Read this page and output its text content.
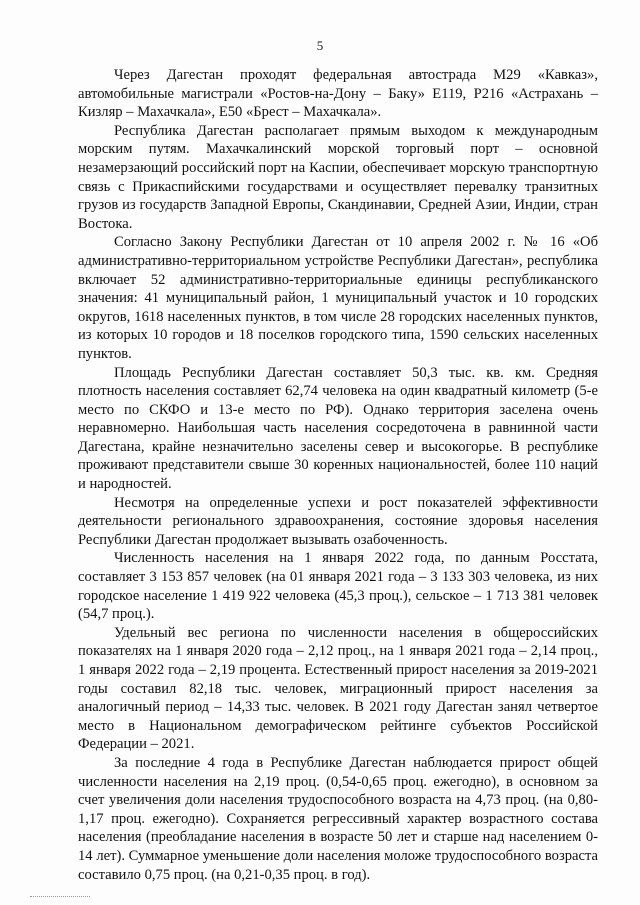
5

Через Дагестан проходят федеральная автострада М29 «Кавказ», автомобильные магистрали «Ростов-на-Дону – Баку» Е119, Р216 «Астрахань – Кизляр – Махачкала», Е50 «Брест – Махачкала».

Республика Дагестан располагает прямым выходом к международным морским путям. Махачкалинский морской торговый порт – основной незамерзающий российский порт на Каспии, обеспечивает морскую транспортную связь с Прикаспийскими государствами и осуществляет перевалку транзитных грузов из государств Западной Европы, Скандинавии, Средней Азии, Индии, стран Востока.

Согласно Закону Республики Дагестан от 10 апреля 2002 г. № 16 «Об административно-территориальном устройстве Республики Дагестан», республика включает 52 административно-территориальные единицы республиканского значения: 41 муниципальный район, 1 муниципальный участок и 10 городских округов, 1618 населенных пунктов, в том числе 28 городских населенных пунктов, из которых 10 городов и 18 поселков городского типа, 1590 сельских населенных пунктов.

Площадь Республики Дагестан составляет 50,3 тыс. кв. км. Средняя плотность населения составляет 62,74 человека на один квадратный километр (5-е место по СКФО и 13-е место по РФ). Однако территория заселена очень неравномерно. Наибольшая часть населения сосредоточена в равнинной части Дагестана, крайне незначительно заселены север и высокогорье. В республике проживают представители свыше 30 коренных национальностей, более 110 наций и народностей.

Несмотря на определенные успехи и рост показателей эффективности деятельности регионального здравоохранения, состояние здоровья населения Республики Дагестан продолжает вызывать озабоченность.

Численность населения на 1 января 2022 года, по данным Росстата, составляет 3 153 857 человек (на 01 января 2021 года – 3 133 303 человека, из них городское население 1 419 922 человека (45,3 проц.), сельское – 1 713 381 человек (54,7 проц.).

Удельный вес региона по численности населения в общероссийских показателях на 1 января 2020 года – 2,12 проц., на 1 января 2021 года – 2,14 проц., 1 января 2022 года – 2,19 процента. Естественный прирост населения за 2019-2021 годы составил 82,18 тыс. человек, миграционный прирост населения за аналогичный период – 14,33 тыс. человек. В 2021 году Дагестан занял четвертое место в Национальном демографическом рейтинге субъектов Российской Федерации – 2021.

За последние 4 года в Республике Дагестан наблюдается прирост общей численности населения на 2,19 проц. (0,54-0,65 проц. ежегодно), в основном за счет увеличения доли населения трудоспособного возраста на 4,73 проц. (на 0,80-1,17 проц. ежегодно). Сохраняется регрессивный характер возрастного состава населения (преобладание населения в возрасте 50 лет и старше над населением 0-14 лет). Суммарное уменьшение доли населения моложе трудоспособного возраста составило 0,75 проц. (на 0,21-0,35 проц. в год).
